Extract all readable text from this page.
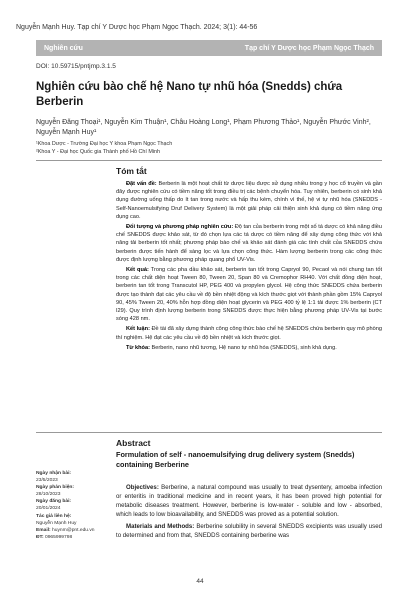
Nguyễn Mạnh Huy. Tạp chí Y Dược học Phạm Ngọc Thạch. 2024; 3(1): 44-56
Nghiên cứu	Tạp chí Y Dược học Phạm Ngọc Thạch
DOI: 10.59715/pntjmp.3.1.5
Nghiên cứu bào chế hệ Nano tự nhũ hóa (Snedds) chứa Berberin
Nguyễn Đăng Thoại¹, Nguyễn Kim Thuận¹, Châu Hoàng Long¹, Phạm Phương Thảo¹, Nguyễn Phước Vinh², Nguyễn Mạnh Huy¹
¹Khoa Dược - Trường Đại học Y khoa Phạm Ngọc Thạch
²Khoa Y - Đại học Quốc gia Thành phố Hồ Chí Minh
Tóm tắt

Đặt vấn đề: Berberin là một hoạt chất từ dược liệu được sử dụng nhiều trong y học cổ truyền và gần đây được nghiên cứu có tiềm năng tốt trong điều trị các bệnh chuyển hóa. Tuy nhiên, berberin có sinh khả dụng đường uống thấp do ít tan trong nước và hấp thu kém, chính vì thế, hệ vi tự nhũ hóa (SNEDDS - Self-Nanoemulsifying Druf Delivery System) là một giải pháp cải thiện sinh khả dụng có tiềm năng ứng dụng cao.

Đối tượng và phương pháp nghiên cứu: Độ tan của berberin trong một số tá dược có khả năng điều chế SNEDDS được khảo sát, từ đó chọn lựa các tá dược có tiềm năng để xây dựng công thức với khả năng tải berberin tốt nhất; phương pháp bào chế và khảo sát đánh giá các tính chất của SNEDDS chứa berberin được tiến hành để sàng lọc và lựa chọn công thức. Hàm lượng berberin trong các công thức được định lượng bằng phương pháp quang phổ UV-Vis.

Kết quả: Trong các pha dầu khảo sát, berberin tan tốt trong Capryol 90, Pecaol và nói chung tan tốt trong các chất diện hoạt Tween 80, Tween 20, Span 80 và Cremophor RH40. Với chất đồng diện hoạt, berberin tan tốt trong Transcutol HP, PEG 400 và propylen glycol. Hệ công thức SNEDDS chứa berberin được tạo thành đạt các yêu cầu về độ bền nhiệt động và kích thước giọt với thành phần gồm 15% Capryol 90, 45% Tween 20, 40% hỗn hợp đồng diện hoạt glycerin và PEG 400 tỷ lệ 1:1 tải được 1% berberin (CT I29). Quy trình định lượng berberin trong SNEDDS được thực hiện bằng phương pháp UV-Vis tại bước sóng 428 nm.

Kết luận: Đề tài đã xây dựng thành công công thức bào chế hệ SNEDDS chứa berberin quy mô phòng thí nghiệm. Hệ đạt các yêu cầu về độ bền nhiệt và kích thước giọt.

Từ khóa: Berberin, nano nhũ tương, Hệ nano tự nhũ hóa (SNEDDS), sinh khả dụng.

Abstract
Formulation of self - nanoemulsifying drug delivery system (Snedds) containing Berberine

Objectives: Berberine, a natural compound was usually to treat dysentery, amoeba infection or enteritis in traditional medicine and in recent years, it has been proved high potential for metabolic diseases treatment. However, berberine is low-water - soluble and low - absorbed, which leads to low bioavailability, and SNEDDS was proved as a potential solution.

Materials and Methods: Berberine solubility in several SNEDDS excipients was usually used to determined and from that, SNEDDS containing berberine was

Ngày nhận bài:
23/5/2023
Ngày phản biện:
28/10/2023
Ngày đăng bài:
20/01/2024
Tác giả liên hệ:
Nguyễn Mạnh Huy
Email: huynm@pnt.edu.vn
ĐT: 0965999798
44
